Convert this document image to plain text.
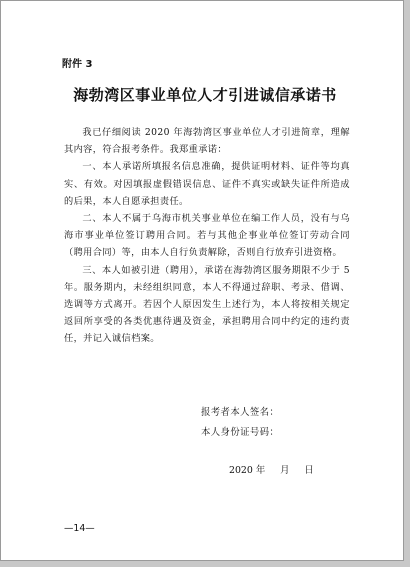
附件 3
海勃湾区事业单位人才引进诚信承诺书

我已仔细阅读 2020 年海勃湾区事业单位人才引进简章，理解其内容，符合报考条件。我郑重承诺：

一、本人承诺所填报名信息准确，提供证明材料、证件等均真实、有效。对因填报虚假错误信息、证件不真实或缺失证件所造成的后果，本人自愿承担责任。

二、本人不属于乌海市机关事业单位在编工作人员，没有与乌海市事业单位签订聘用合同。若与其他企事业单位签订劳动合同（聘用合同）等，由本人自行负责解除，否则自行放弃引进资格。

三、本人如被引进（聘用），承诺在海勃湾区服务期限不少于 5 年。服务期内，未经组织同意，本人不得通过辞职、考录、借调、选调等方式离开。若因个人原因发生上述行为，本人将按相关规定返回所享受的各类优惠待遇及资金，承担聘用合同中约定的违约责任，并记入诚信档案。

报考者本人签名：
本人身份证号码：
2020 年     月     日
—14—
